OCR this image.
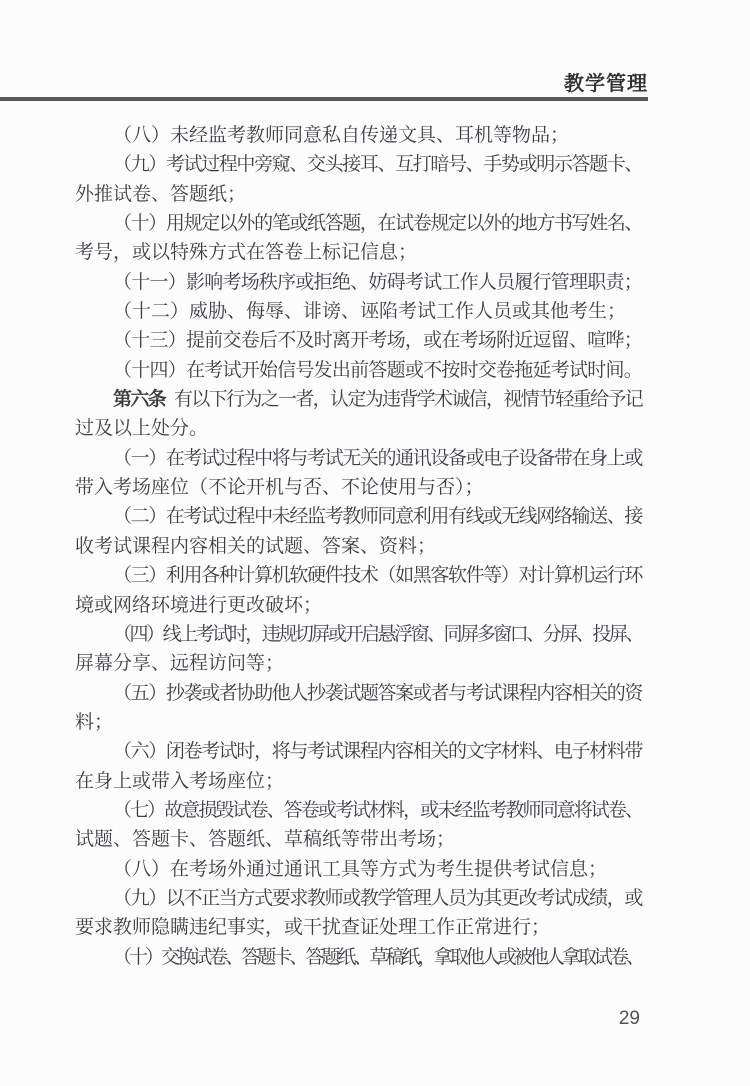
教学管理
（八）未经监考教师同意私自传递文具、耳机等物品；
（九）考试过程中旁窥、交头接耳、互打暗号、手势或明示答题卡、
外推试卷、答题纸；
（十）用规定以外的笔或纸答题，在试卷规定以外的地方书写姓名、
考号，或以特殊方式在答卷上标记信息；
（十一）影响考场秩序或拒绝、妨碍考试工作人员履行管理职责；
（十二）威胁、侮辱、诽谤、诬陷考试工作人员或其他考生；
（十三）提前交卷后不及时离开考场，或在考场附近逗留、喧哗；
（十四）在考试开始信号发出前答题或不按时交卷拖延考试时间。
第六条 有以下行为之一者，认定为违背学术诚信，视情节轻重给予记
过及以上处分。
（一）在考试过程中将与考试无关的通讯设备或电子设备带在身上或
带入考场座位（不论开机与否、不论使用与否）；
（二）在考试过程中未经监考教师同意利用有线或无线网络输送、接
收考试课程内容相关的试题、答案、资料；
（三）利用各种计算机软硬件技术（如黑客软件等）对计算机运行环
境或网络环境进行更改破坏；
（四）线上考试时，违规切屏或开启悬浮窗、同屏多窗口、分屏、投屏、
屏幕分享、远程访问等；
（五）抄袭或者协助他人抄袭试题答案或者与考试课程内容相关的资
料；
（六）闭卷考试时，将与考试课程内容相关的文字材料、电子材料带
在身上或带入考场座位；
（七）故意损毁试卷、答卷或考试材料，或未经监考教师同意将试卷、
试题、答题卡、答题纸、草稿纸等带出考场；
（八）在考场外通过通讯工具等方式为考生提供考试信息；
（九）以不正当方式要求教师或教学管理人员为其更改考试成绩，或
要求教师隐瞒违纪事实，或干扰查证处理工作正常进行；
（十）交换试卷、答题卡、答题纸、草稿纸，拿取他人或被他人拿取试卷、
29
